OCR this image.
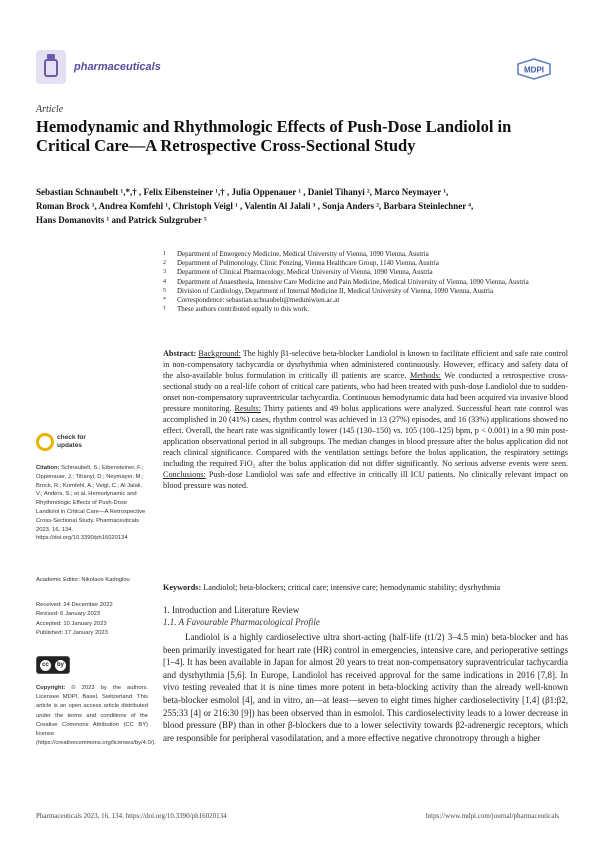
pharmaceuticals	MDPI
Article
Hemodynamic and Rhythmologic Effects of Push-Dose Landiolol in Critical Care—A Retrospective Cross-Sectional Study
Sebastian Schnaubelt ¹,*,† , Felix Eibensteiner ¹,† , Julia Oppenauer ¹ , Daniel Tihanyi ², Marco Neymayer ¹,
Roman Brock ¹, Andrea Komfehl ¹, Christoph Veigl ¹ , Valentin Al Jalali ³ , Sonja Anders ², Barbara Steinlechner ⁴,
Hans Domanovits ¹ and Patrick Sulzgruber ⁵
1	Department of Emergency Medicine, Medical University of Vienna, 1090 Vienna, Austria
2	Department of Pulmonology, Clinic Penzing, Vienna Healthcare Group, 1140 Vienna, Austria
3	Department of Clinical Pharmacology, Medical University of Vienna, 1090 Vienna, Austria
4	Department of Anaesthesia, Intensive Care Medicine and Pain Medicine, Medical University of Vienna, 1090 Vienna, Austria
5	Division of Cardiology, Department of Internal Medicine II, Medical University of Vienna, 1090 Vienna, Austria
*	Correspondence: sebastian.schnaubelt@meduniwien.ac.at
†	These authors contributed equally to this work.
Abstract: Background: The highly β1-selective beta-blocker Landiolol is known to facilitate efficient and safe rate control in non-compensatory tachycardia or dysrhythmia when administered continuously. However, efficacy and safety data of the also-available bolus formulation in critically ill patients are scarce. Methods: We conducted a retrospective cross-sectional study on a real-life cohort of critical care patients, who had been treated with push-dose Landiolol due to sudden-onset non-compensatory supraventricular tachycardia. Continuous hemodynamic data had been acquired via invasive blood pressure monitoring. Results: Thirty patients and 49 bolus applications were analyzed. Successful heart rate control was accomplished in 20 (41%) cases, rhythm control was achieved in 13 (27%) episodes, and 16 (33%) applications showed no effect. Overall, the heart rate was significantly lower (145 (130–150) vs. 105 (100–125) bpm, p < 0.001) in a 90 min post-application observational period in all subgroups. The median changes in blood pressure after the bolus application did not reach clinical significance. Compared with the ventilation settings before the bolus application, the respiratory settings including the required FiO₂ after the bolus application did not differ significantly. No serious adverse events were seen. Conclusions: Push-dose Landiolol was safe and effective in critically ill ICU patients. No clinically relevant impact on blood pressure was noted.
Keywords: Landiolol; beta-blockers; critical care; intensive care; hemodynamic stability; dysrhythmia
check for updates
Citation: Schnaubelt, S.; Eibensteiner, F.; Oppenauer, J.; Tihanyi, D.; Neymayer, M.; Brock, R.; Komfehl, A.; Veigl, C.; Al Jalali, V.; Anders, S.; et al. Hemodynamic and Rhythmologic Effects of Push-Dose Landiolol in Critical Care—A Retrospective Cross-Sectional Study. Pharmaceuticals 2023, 16, 134. https://doi.org/10.3390/ph16020134
Academic Editor: Nikolaos Kadoglou
Received: 24 December 2022
Revised: 6 January 2023
Accepted: 10 January 2023
Published: 17 January 2023
cc	by
Copyright: © 2023 by the authors. Licensee MDPI, Basel, Switzerland. This article is an open access article distributed under the terms and conditions of the Creative Commons Attribution (CC BY) license (https://creativecommons.org/licenses/by/4.0/).
1. Introduction and Literature Review
1.1. A Favourable Pharmacological Profile
Landiolol is a highly cardioselective ultra short-acting (half-life (t1/2) 3–4.5 min) beta-blocker and has been primarily investigated for heart rate (HR) control in emergencies, intensive care, and perioperative settings [1–4]. It has been available in Japan for almost 20 years to treat non-compensatory supraventricular tachycardia and dysrhythmia [5,6]. In Europe, Landiolol has received approval for the same indications in 2016 [7,8]. In vivo testing revealed that it is nine times more potent in beta-blocking activity than the already well-known beta-blocker esmolol [4], and in vitro, an—at least—seven to eight times higher cardioselectivity [1,4] (β1:β2, 255:33 [4] or 216:30 [9]) has been observed than in esmolol. This cardioselectivity leads to a lower decrease in blood pressure (BP) than in other β-blockers due to a lower selectivity towards β2-adrenergic receptors, which are responsible for peripheral vasodilatation, and a more effective negative chronotropy through a higher
Pharmaceuticals 2023, 16, 134. https://doi.org/10.3390/ph16020134	https://www.mdpi.com/journal/pharmaceuticals
